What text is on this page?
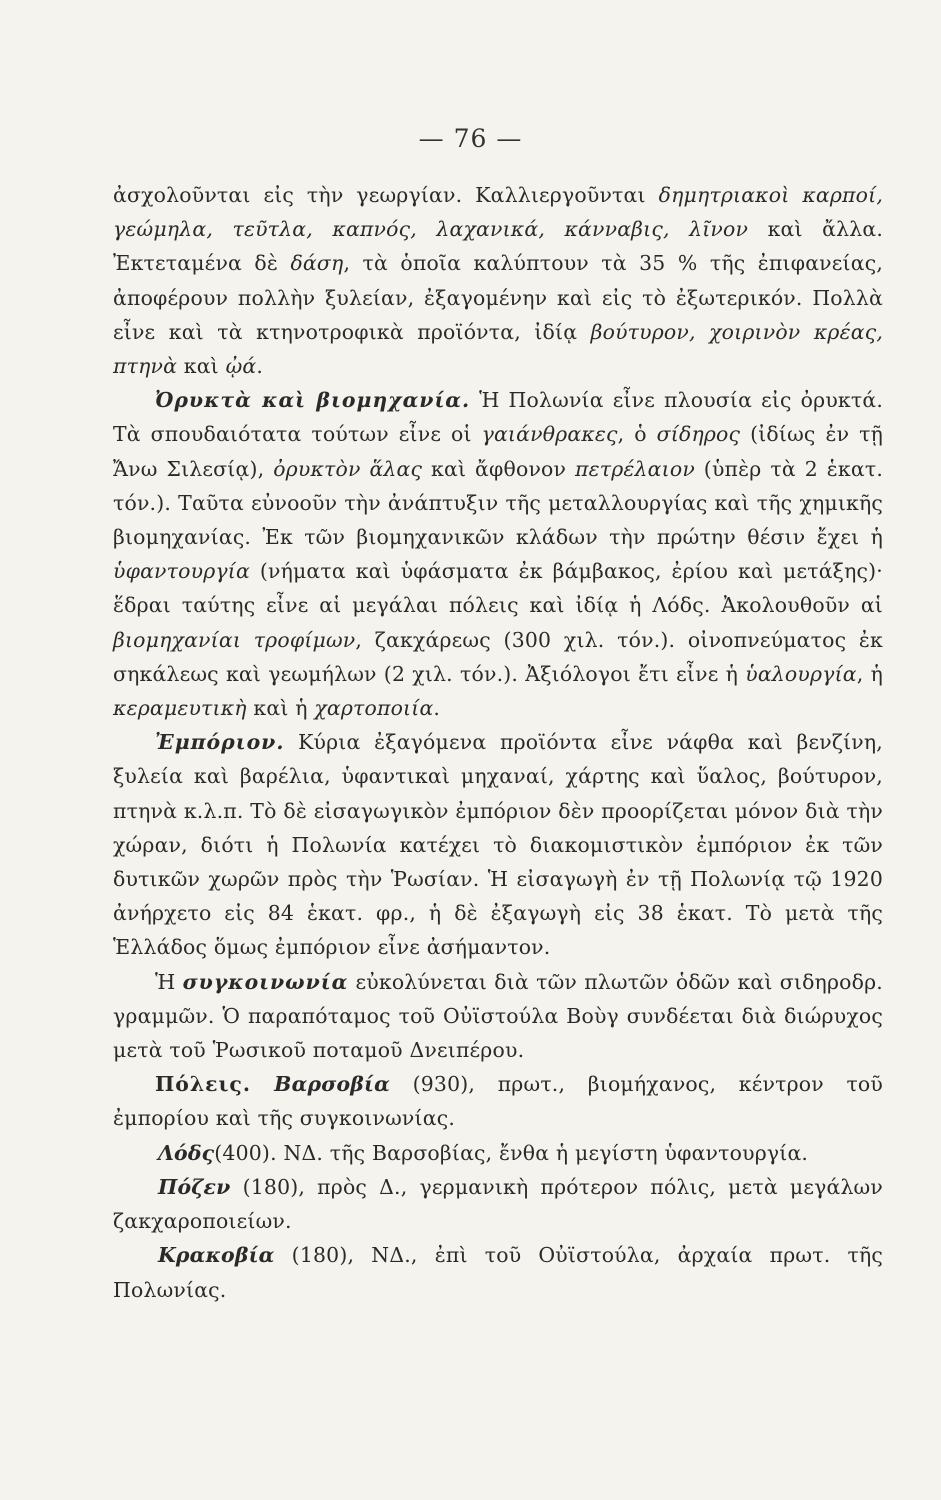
— 76 —

ἀσχολοῦνται εἰς τὴν γεωργίαν. Καλλιεργοῦνται δημητριακοὶ καρποί, γεώμηλα, τεῦτλα, καπνός, λαχανικά, κάνναβις, λῖνον καὶ ἄλλα. Ἐκτεταμένα δὲ δάση, τὰ ὁποῖα καλύπτουν τὰ 35 % τῆς ἐπιφανείας, ἀποφέρουν πολλὴν ξυλείαν, ἐξαγομένην καὶ εἰς τὸ ἐξωτερικόν. Πολλὰ εἶνε καὶ τὰ κτηνοτροφικὰ προϊόντα, ἰδίᾳ βούτυρον, χοιρινὸν κρέας, πτηνὰ καὶ ᾠά.

Ὀρυκτὰ καὶ βιομηχανία. Ἡ Πολωνία εἶνε πλουσία εἰς ὀρυκτά. Τὰ σπουδαιότατα τούτων εἶνε οἱ γαιάνθρακες, ὁ σίδηρος (ἰδίως ἐν τῇ Ἄνω Σιλεσίᾳ), ὀρυκτὸν ἅλας καὶ ἄφθονον πετρέλαιον (ὑπὲρ τὰ 2 ἑκατ. τόν.). Ταῦτα εὐνοοῦν τὴν ἀνάπτυξιν τῆς μεταλλουργίας καὶ τῆς χημικῆς βιομηχανίας. Ἐκ τῶν βιομηχανικῶν κλάδων τὴν πρώτην θέσιν ἔχει ἡ ὑφαντουργία (νήματα καὶ ὑφάσματα ἐκ βάμβακος, ἐρίου καὶ μετάξης)· ἕδραι ταύτης εἶνε αἱ μεγάλαι πόλεις καὶ ἰδίᾳ ἡ Λόδς. Ἀκολουθοῦν αἱ βιομηχανίαι τροφίμων, ζακχάρεως (300 χιλ. τόν.). οἰνοπνεύματος ἐκ σηκάλεως καὶ γεωμήλων (2 χιλ. τόν.). Ἀξιόλογοι ἔτι εἶνε ἡ ὑαλουργία, ἡ κεραμευτικὴ καὶ ἡ χαρτοποιία.

Ἐμπόριον. Κύρια ἐξαγόμενα προϊόντα εἶνε νάφθα καὶ βενζίνη, ξυλεία καὶ βαρέλια, ὑφαντικαὶ μηχαναί, χάρτης καὶ ὕαλος, βούτυρον, πτηνὰ κ.λ.π. Τὸ δὲ εἰσαγωγικὸν ἐμπόριον δὲν προορίζεται μόνον διὰ τὴν χώραν, διότι ἡ Πολωνία κατέχει τὸ διακομιστικὸν ἐμπόριον ἐκ τῶν δυτικῶν χωρῶν πρὸς τὴν Ῥωσίαν. Ἡ εἰσαγωγὴ ἐν τῇ Πολωνίᾳ τῷ 1920 ἀνήρχετο εἰς 84 ἑκατ. φρ., ἡ δὲ ἐξαγωγὴ εἰς 38 ἑκατ. Τὸ μετὰ τῆς Ἑλλάδος ὅμως ἐμπόριον εἶνε ἀσήμαντον.

Ἡ συγκοινωνία εὐκολύνεται διὰ τῶν πλωτῶν ὁδῶν καὶ σιδηροδρ. γραμμῶν. Ὁ παραπόταμος τοῦ Οὐϊστούλα Βοὺγ συνδέεται διὰ διώρυχος μετὰ τοῦ Ῥωσικοῦ ποταμοῦ Δνειπέρου.

Πόλεις. Βαρσοβία (930), πρωτ., βιομήχανος, κέντρον τοῦ ἐμπορίου καὶ τῆς συγκοινωνίας.

Λόδς(400). ΝΔ. τῆς Βαρσοβίας, ἔνθα ἡ μεγίστη ὑφαντουργία.

Πόζεν (180), πρὸς Δ., γερμανικὴ πρότερον πόλις, μετὰ μεγάλων ζακχαροποιείων.

Κρακοβία (180), ΝΔ., ἐπὶ τοῦ Οὐϊστούλα, ἀρχαία πρωτ. τῆς Πολωνίας.
